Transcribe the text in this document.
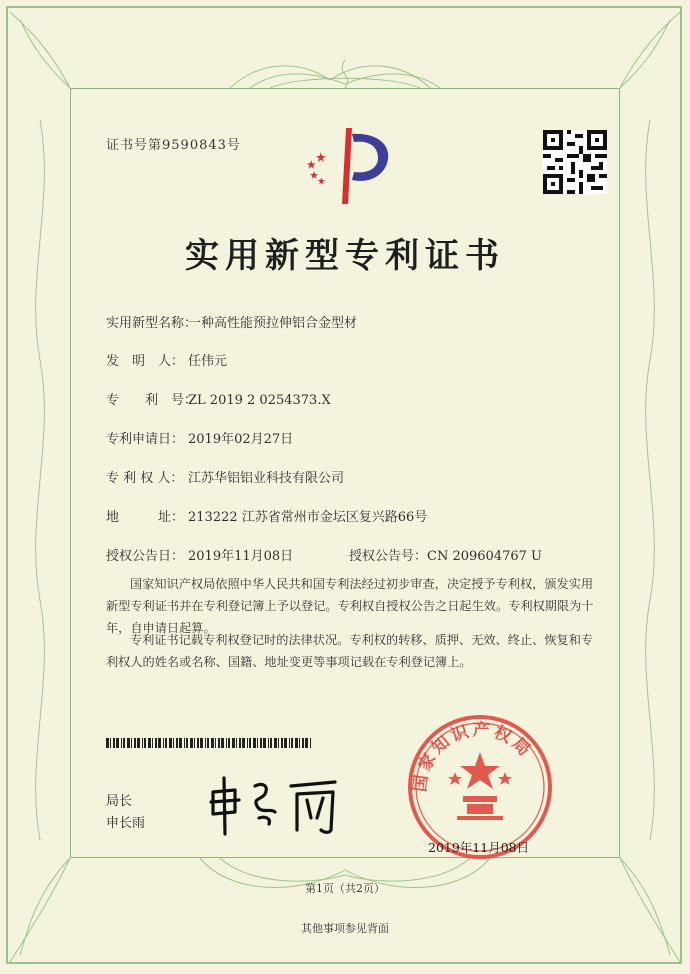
证书号第9590843号
实用新型专利证书
实用新型名称：一种高性能预拉伸铝合金型材
发　明　人： 任伟元
专　　利　号：ZL 2019 2 0254373.X
专利申请日： 2019年02月27日
专 利 权 人： 江苏华铝铝业科技有限公司
地　　　址： 213222 江苏省常州市金坛区复兴路66号
授权公告日： 2019年11月08日	授权公告号：CN 209604767 U
国家知识产权局依照中华人民共和国专利法经过初步审查，决定授予专利权，颁发实用新型专利证书并在专利登记簿上予以登记。专利权自授权公告之日起生效。专利权期限为十年，自申请日起算。
专利证书记载专利权登记时的法律状况。专利权的转移、质押、无效、终止、恢复和专利权人的姓名或名称、国籍、地址变更等事项记载在专利登记簿上。
局长
申长雨
国家知识产权局
2019年11月08日
第1页（共2页）
其他事项参见背面
